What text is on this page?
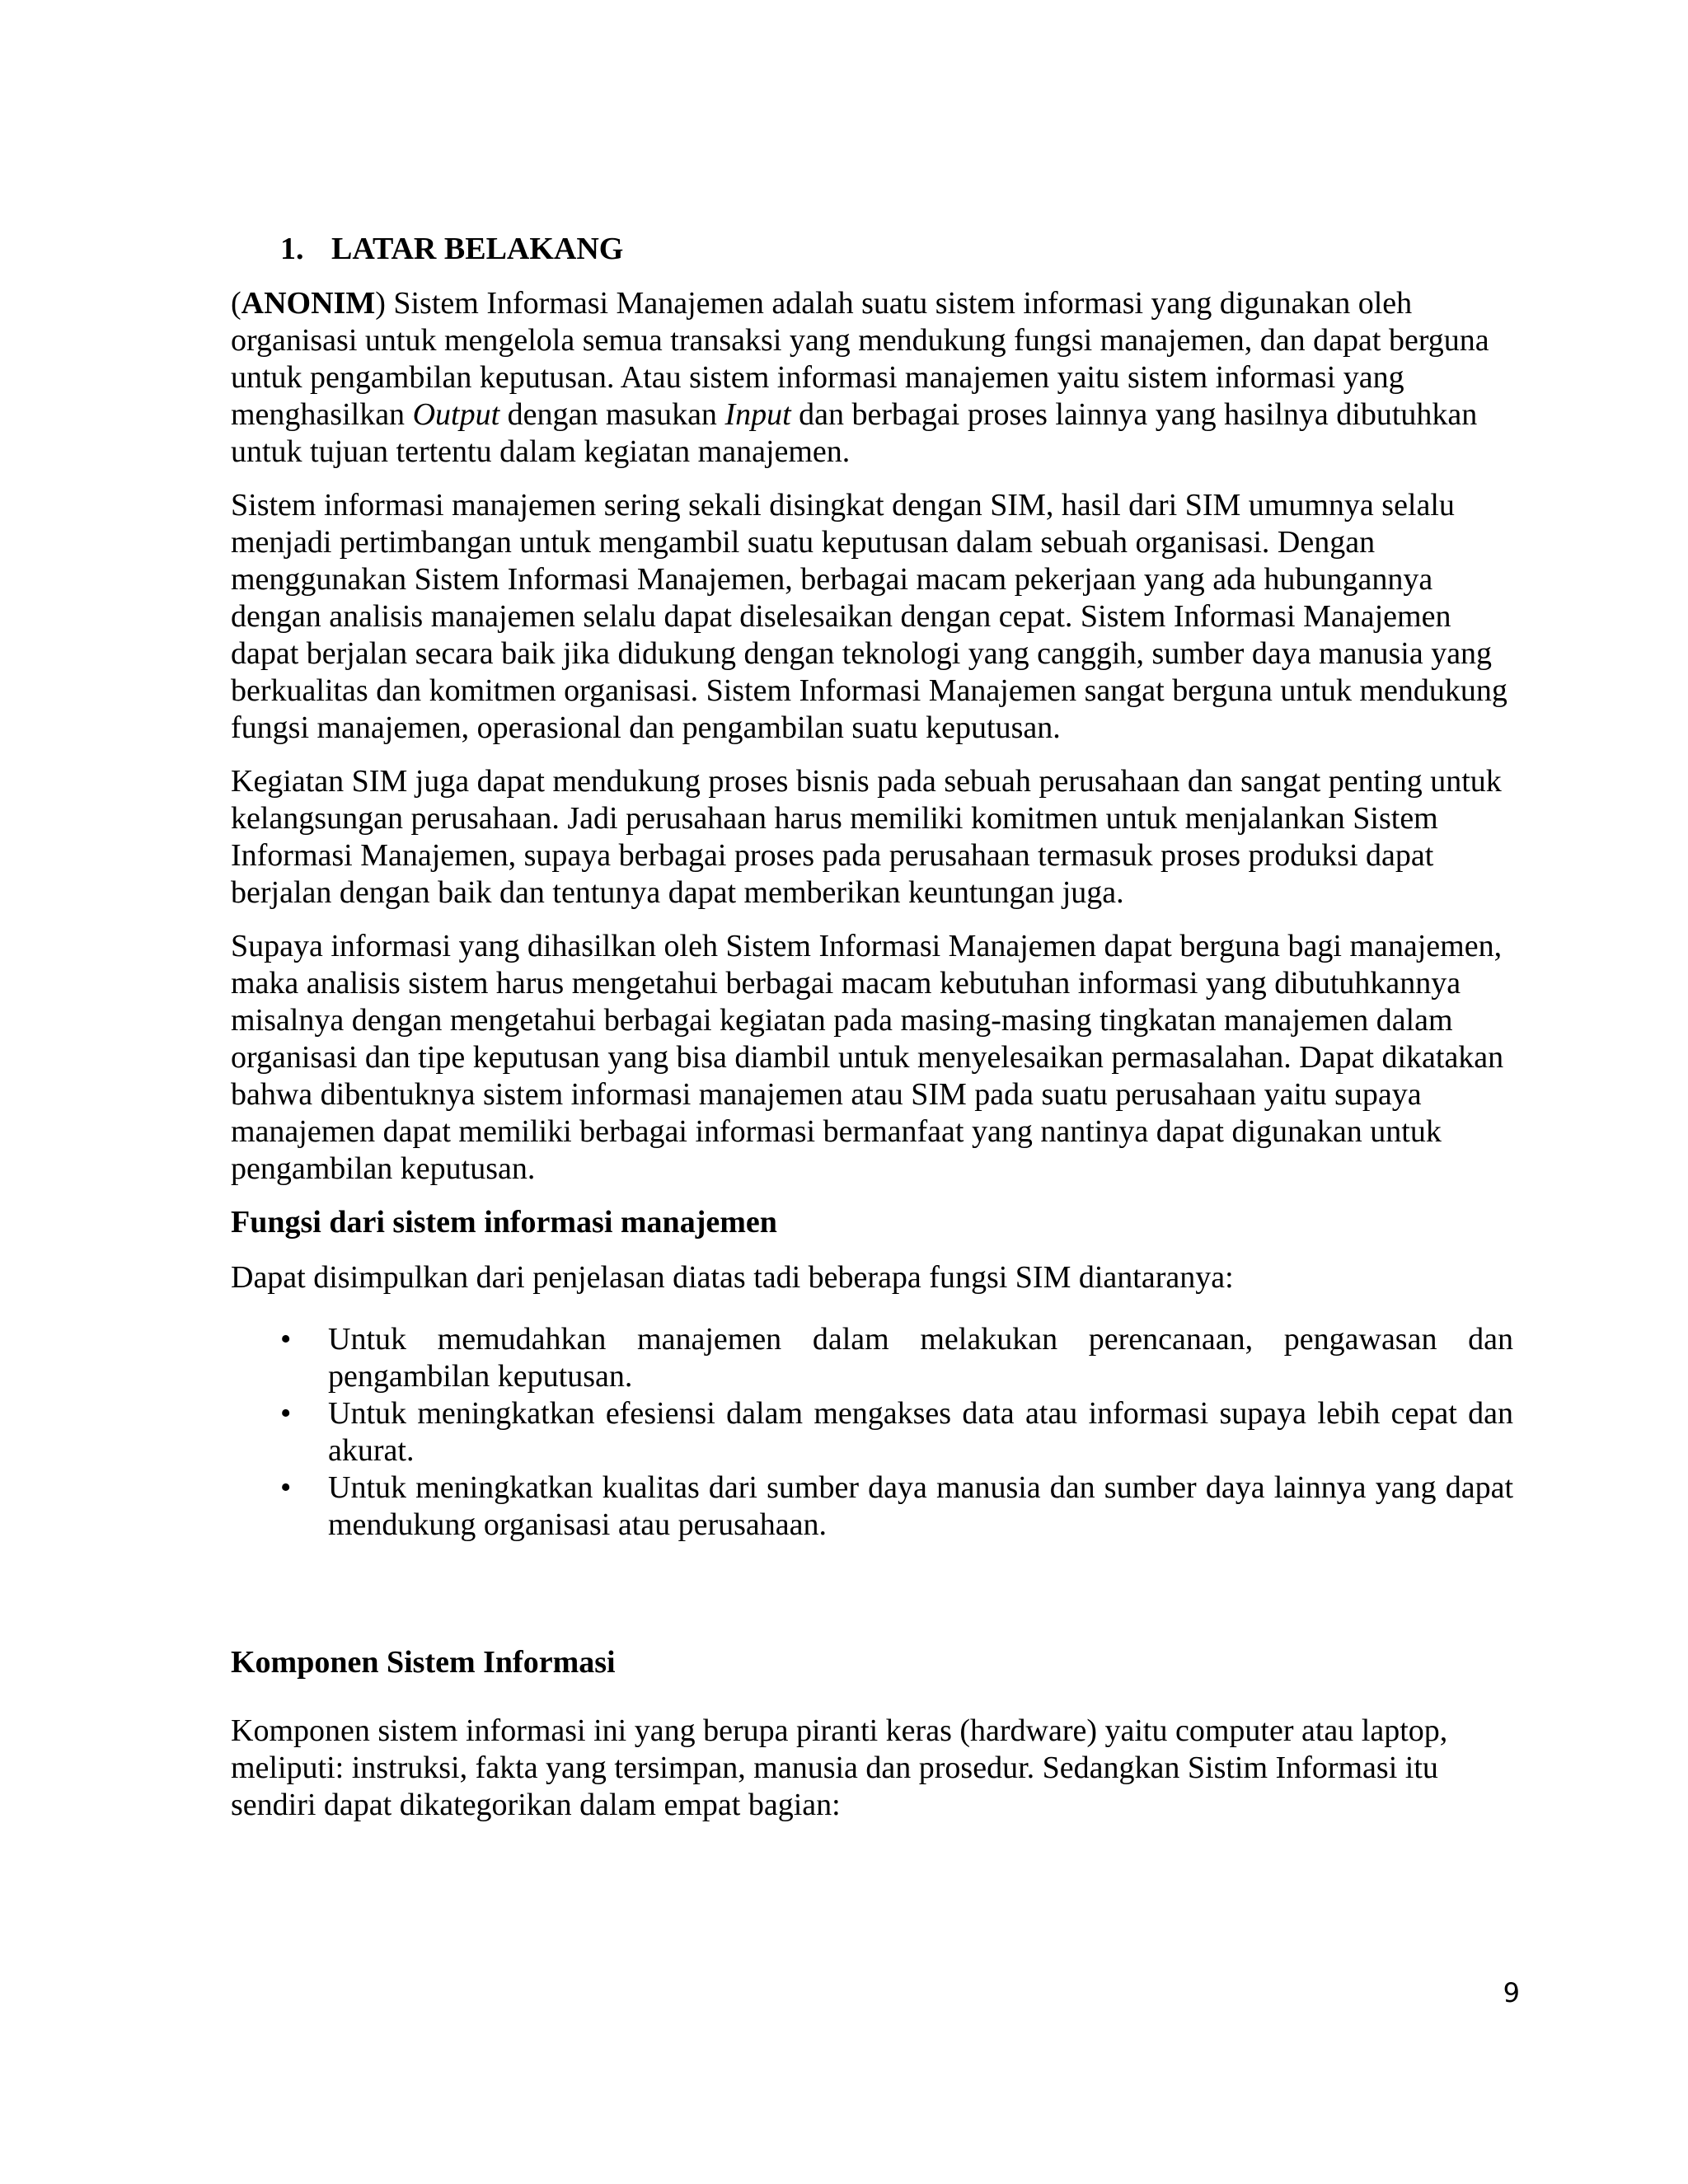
1. LATAR BELAKANG

(ANONIM) Sistem Informasi Manajemen adalah suatu sistem informasi yang digunakan oleh organisasi untuk mengelola semua transaksi yang mendukung fungsi manajemen, dan dapat berguna untuk pengambilan keputusan. Atau sistem informasi manajemen yaitu sistem informasi yang menghasilkan Output dengan masukan Input dan berbagai proses lainnya yang hasilnya dibutuhkan untuk tujuan tertentu dalam kegiatan manajemen.

Sistem informasi manajemen sering sekali disingkat dengan SIM, hasil dari SIM umumnya selalu menjadi pertimbangan untuk mengambil suatu keputusan dalam sebuah organisasi. Dengan menggunakan Sistem Informasi Manajemen, berbagai macam pekerjaan yang ada hubungannya dengan analisis manajemen selalu dapat diselesaikan dengan cepat. Sistem Informasi Manajemen dapat berjalan secara baik jika didukung dengan teknologi yang canggih, sumber daya manusia yang berkualitas dan komitmen organisasi. Sistem Informasi Manajemen sangat berguna untuk mendukung fungsi manajemen, operasional dan pengambilan suatu keputusan.

Kegiatan SIM juga dapat mendukung proses bisnis pada sebuah perusahaan dan sangat penting untuk kelangsungan perusahaan. Jadi perusahaan harus memiliki komitmen untuk menjalankan Sistem Informasi Manajemen, supaya berbagai proses pada perusahaan termasuk proses produksi dapat berjalan dengan baik dan tentunya dapat memberikan keuntungan juga.

Supaya informasi yang dihasilkan oleh Sistem Informasi Manajemen dapat berguna bagi manajemen, maka analisis sistem harus mengetahui berbagai macam kebutuhan informasi yang dibutuhkannya misalnya dengan mengetahui berbagai kegiatan pada masing-masing tingkatan manajemen dalam organisasi dan tipe keputusan yang bisa diambil untuk menyelesaikan permasalahan. Dapat dikatakan bahwa dibentuknya sistem informasi manajemen atau SIM pada suatu perusahaan yaitu supaya manajemen dapat memiliki berbagai informasi bermanfaat yang nantinya dapat digunakan untuk pengambilan keputusan.

Fungsi dari sistem informasi manajemen

Dapat disimpulkan dari penjelasan diatas tadi beberapa fungsi SIM diantaranya:

• Untuk memudahkan manajemen dalam melakukan perencanaan, pengawasan dan pengambilan keputusan.
• Untuk meningkatkan efesiensi dalam mengakses data atau informasi supaya lebih cepat dan akurat.
• Untuk meningkatkan kualitas dari sumber daya manusia dan sumber daya lainnya yang dapat mendukung organisasi atau perusahaan.
Komponen Sistem Informasi

Komponen sistem informasi ini yang berupa piranti keras (hardware) yaitu computer atau laptop, meliputi: instruksi, fakta yang tersimpan, manusia dan prosedur. Sedangkan Sistim Informasi itu sendiri dapat dikategorikan dalam empat bagian:

9
